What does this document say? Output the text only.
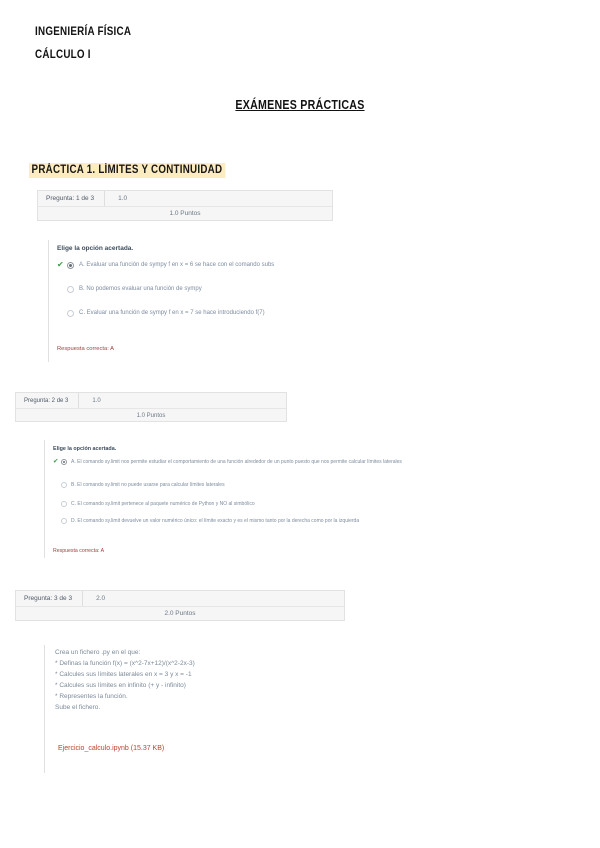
INGENIERÍA FÍSICA
CÁLCULO I
EXÁMENES PRÁCTICAS
PRÁCTICA 1. LÍMITES Y CONTINUIDAD
Pregunta: 1 de 3	1.0
1.0 Puntos
Elige la opción acertada.
✔	A. Evaluar una función de sympy f en x = 6 se hace con el comando subs
B. No podemos evaluar una función de sympy
C. Evaluar una función de sympy f en x = 7 se hace introduciendo f(7)
Respuesta correcta: A
Pregunta: 2 de 3	1.0
1.0 Puntos
Elige la opción acertada.
✔	A. El comando sy.limit nos permite estudiar el comportamiento de una función alrededor de un punto puesto que nos permite calcular límites laterales
B. El comando sy.limit no puede usarse para calcular límites laterales
C. El comando sy.limit pertenece al paquete numérico de Python y NO al simbólico
D. El comando sy.limit devuelve un valor numérico único: el límite exacto y es el mismo tanto por la derecha como por la izquierda
Respuesta correcta: A
Pregunta: 3 de 3	2.0
2.0 Puntos
Crea un fichero .py en el que:
* Definas la función f(x) = (x^2-7x+12)/(x^2-2x-3)
* Calcules sus límites laterales en x = 3 y x = -1
* Calcules sus límites en infinito (+ y - infinito)
* Representes la función.
Sube el fichero.
Ejercicio_calculo.ipynb (15.37 KB)
